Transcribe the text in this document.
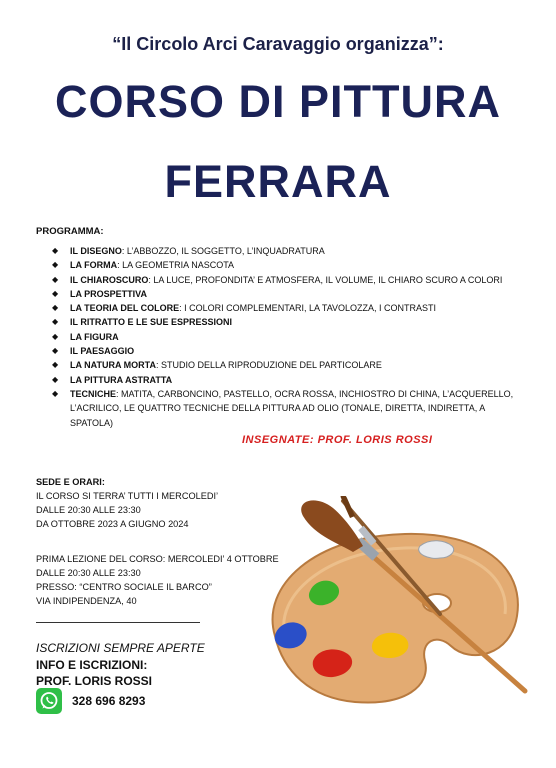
“Il Circolo Arci Caravaggio organizza”:
CORSO DI PITTURA
FERRARA
PROGRAMMA:
◆ IL DISEGNO: L’ABBOZZO, IL SOGGETTO, L’INQUADRATURA
◆ LA FORMA: LA GEOMETRIA NASCOTA
◆ IL CHIAROSCURO: LA LUCE, PROFONDITA’ E ATMOSFERA, IL VOLUME, IL CHIARO SCURO A COLORI
◆ LA PROSPETTIVA
◆ LA TEORIA DEL COLORE: I COLORI COMPLEMENTARI, LA TAVOLOZZA, I CONTRASTI
◆ IL RITRATTO E LE SUE ESPRESSIONI
◆ LA FIGURA
◆ IL PAESAGGIO
◆ LA NATURA MORTA: STUDIO DELLA RIPRODUZIONE DEL PARTICOLARE
◆ LA PITTURA ASTRATTA
◆ TECNICHE: MATITA, CARBONCINO, PASTELLO, OCRA ROSSA, INCHIOSTRO DI CHINA, L’ACQUERELLO, L’ACRILICO, LE QUATTRO TECNICHE DELLA PITTURA AD OLIO (TONALE, DIRETTA, INDIRETTA, A SPATOLA)
INSEGNATE: PROF. LORIS ROSSI
SEDE E ORARI:
IL CORSO SI TERRA’ TUTTI I MERCOLEDI’
DALLE 20:30 ALLE 23:30
DA OTTOBRE 2023 A GIUGNO 2024
PRIMA LEZIONE DEL CORSO: MERCOLEDI’ 4 OTTOBRE
DALLE 20:30 ALLE 23:30
PRESSO: “CENTRO SOCIALE IL BARCO”
VIA INDIPENDENZA, 40
ISCRIZIONI SEMPRE APERTE
INFO E ISCRIZIONI:
PROF. LORIS ROSSI
328 696 8293
